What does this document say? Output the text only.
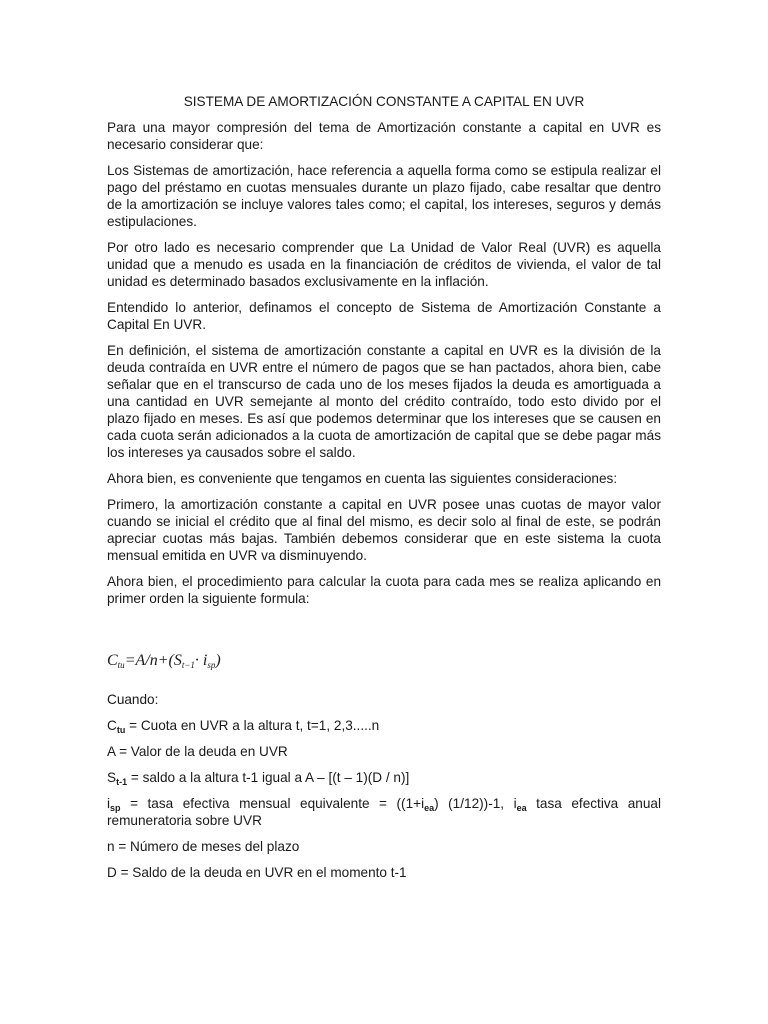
SISTEMA DE AMORTIZACIÓN CONSTANTE A CAPITAL EN UVR

Para una mayor compresión del tema de Amortización constante a capital en UVR es necesario considerar que:

Los Sistemas de amortización, hace referencia a aquella forma como se estipula realizar el pago del préstamo en cuotas mensuales durante un plazo fijado, cabe resaltar que dentro de la amortización se incluye valores tales como; el capital, los intereses, seguros y demás estipulaciones.

Por otro lado es necesario comprender que La Unidad de Valor Real (UVR) es aquella unidad que a menudo es usada en la financiación de créditos de vivienda, el valor de tal unidad es determinado basados exclusivamente en la inflación.

Entendido lo anterior, definamos el concepto de Sistema de Amortización Constante a Capital En UVR.

En definición, el sistema de amortización constante a capital en UVR es la división de la deuda contraída en UVR entre el número de pagos que se han pactados, ahora bien, cabe señalar que en el transcurso de cada uno de los meses fijados la deuda es amortiguada a una cantidad en UVR semejante al monto del crédito contraído, todo esto divido por el plazo fijado en meses. Es así que podemos determinar que los intereses que se causen en cada cuota serán adicionados a la cuota de amortización de capital que se debe pagar más los intereses ya causados sobre el saldo.

Ahora bien, es conveniente que tengamos en cuenta las siguientes consideraciones:

Primero, la amortización constante a capital en UVR posee unas cuotas de mayor valor cuando se inicial el crédito que al final del mismo, es decir solo al final de este, se podrán apreciar cuotas más bajas. También debemos considerar que en este sistema la cuota mensual emitida en UVR va disminuyendo.

Ahora bien, el procedimiento para calcular la cuota para cada mes se realiza aplicando en primer orden la siguiente formula:

$C_{tu}=A/n+(S_{t-1}\cdot i_{sp})$

Cuando:

$C_{tu}$ = Cuota en UVR a la altura t, t=1, 2,3.....n

A = Valor de la deuda en UVR

$S_{t-1}$ = saldo a la altura t-1 igual a A – [(t – 1)(D / n)]

$i_{sp}$ = tasa efectiva mensual equivalente = ($(1+i_{ea})$ (1/12))-1, $i_{ea}$ tasa efectiva anual remuneratoria sobre UVR

n = Número de meses del plazo

D = Saldo de la deuda en UVR en el momento t-1
